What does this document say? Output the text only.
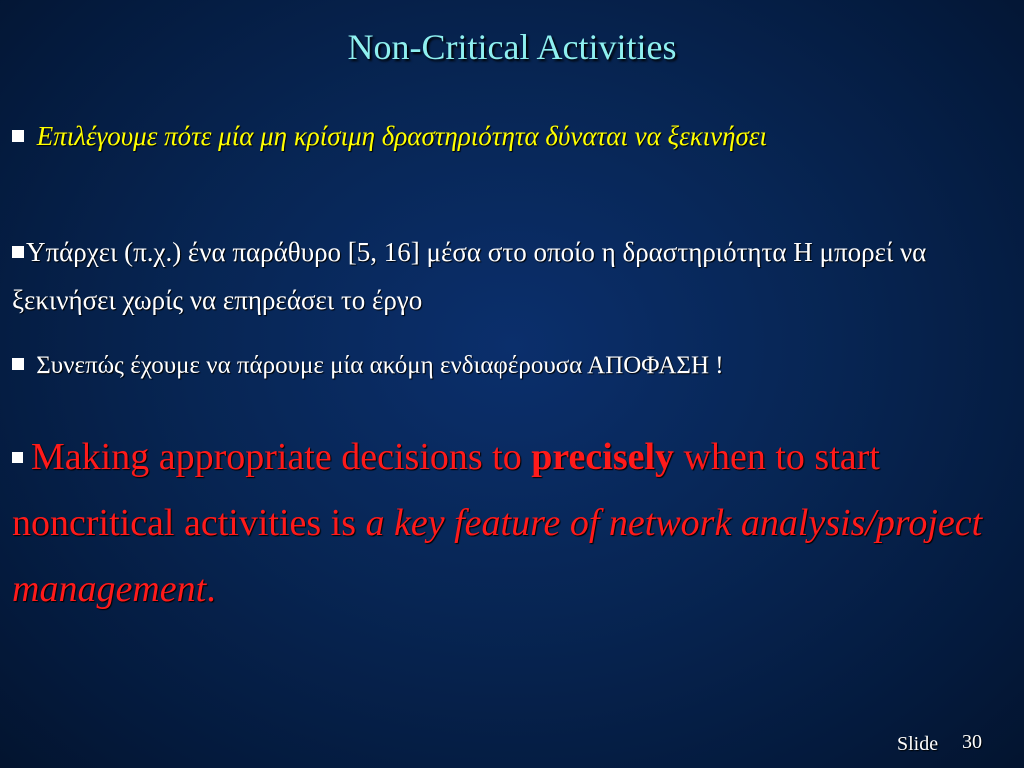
Non-Critical Activities
Επιλέγουμε πότε μία μη κρίσιμη δραστηριότητα δύναται να ξεκινήσει
Υπάρχει (π.χ.) ένα παράθυρο [5, 16] μέσα στο οποίο η δραστηριότητα Η μπορεί να ξεκινήσει χωρίς να επηρεάσει το έργο
Συνεπώς έχουμε να πάρουμε μία ακόμη ενδιαφέρουσα ΑΠΟΦΑΣΗ !
Making appropriate decisions to precisely when to start noncritical activities is a key feature of network analysis/project management.
Slide 30
